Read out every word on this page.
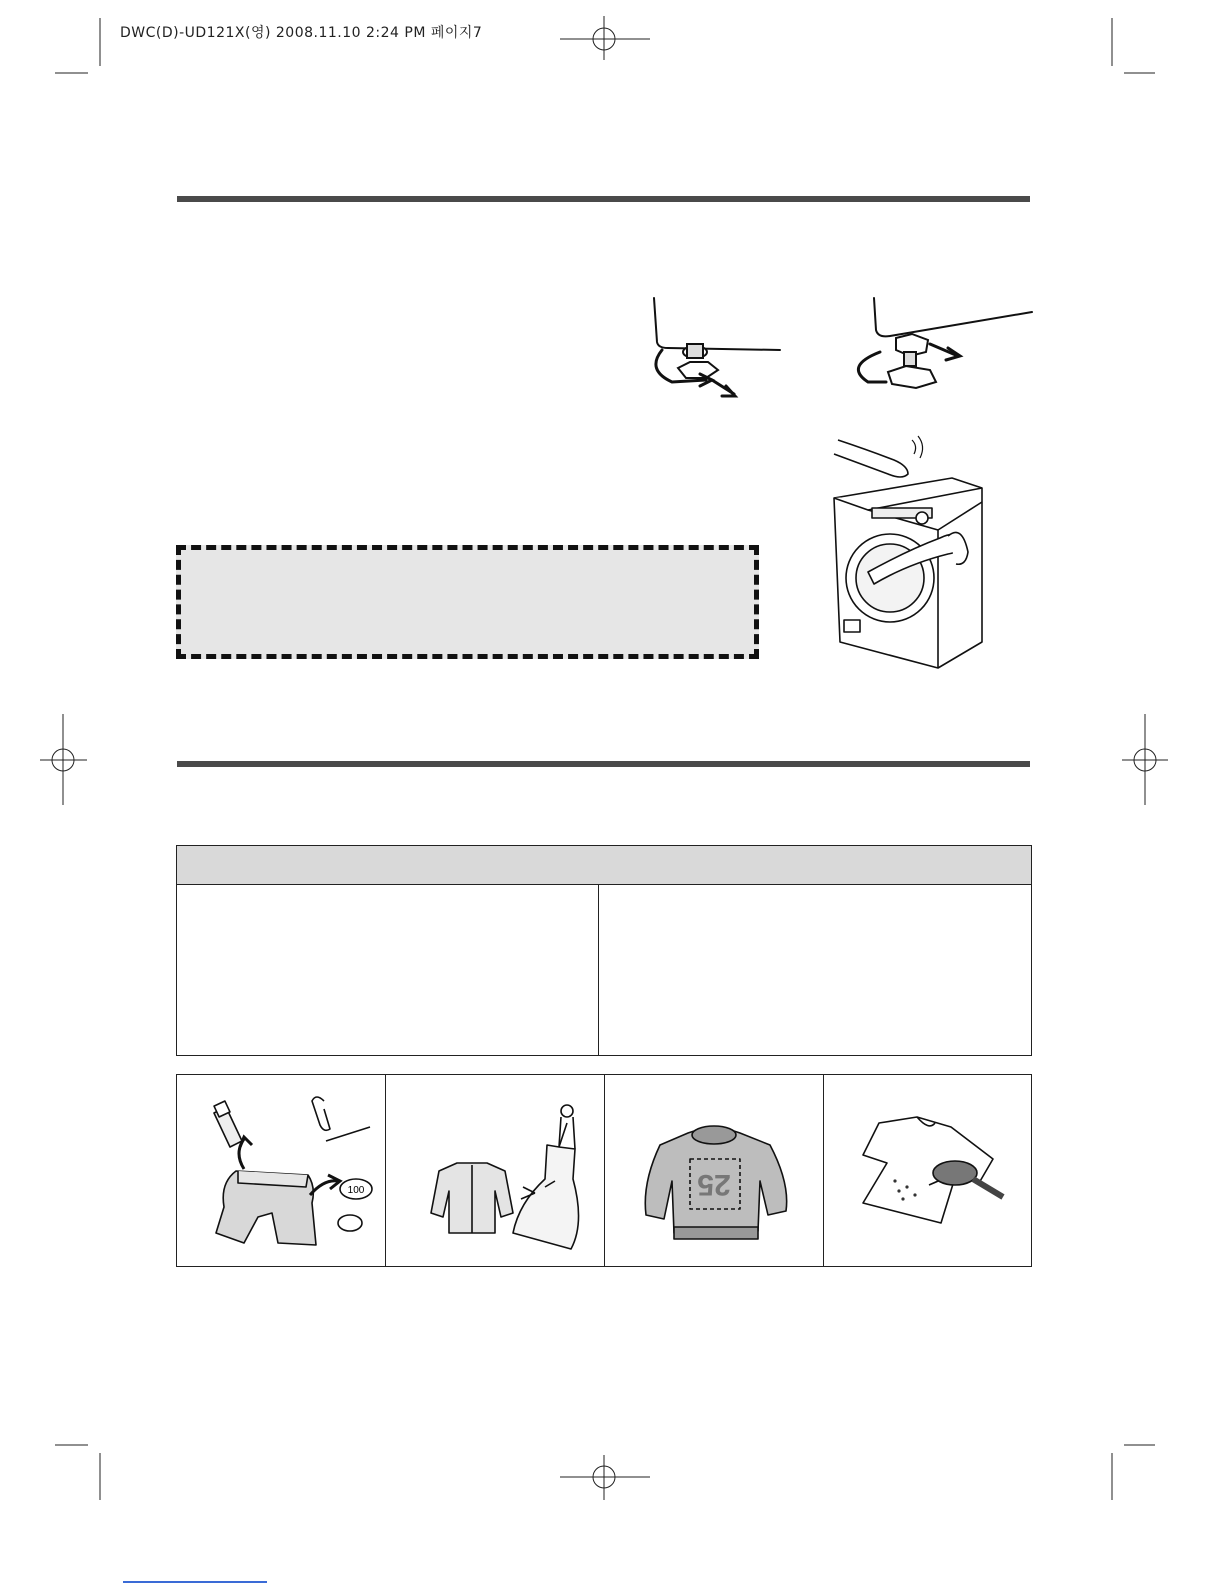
DWC(D)-UD121X(영) 2008.11.10 2:24 PM 페이지7

100		25
